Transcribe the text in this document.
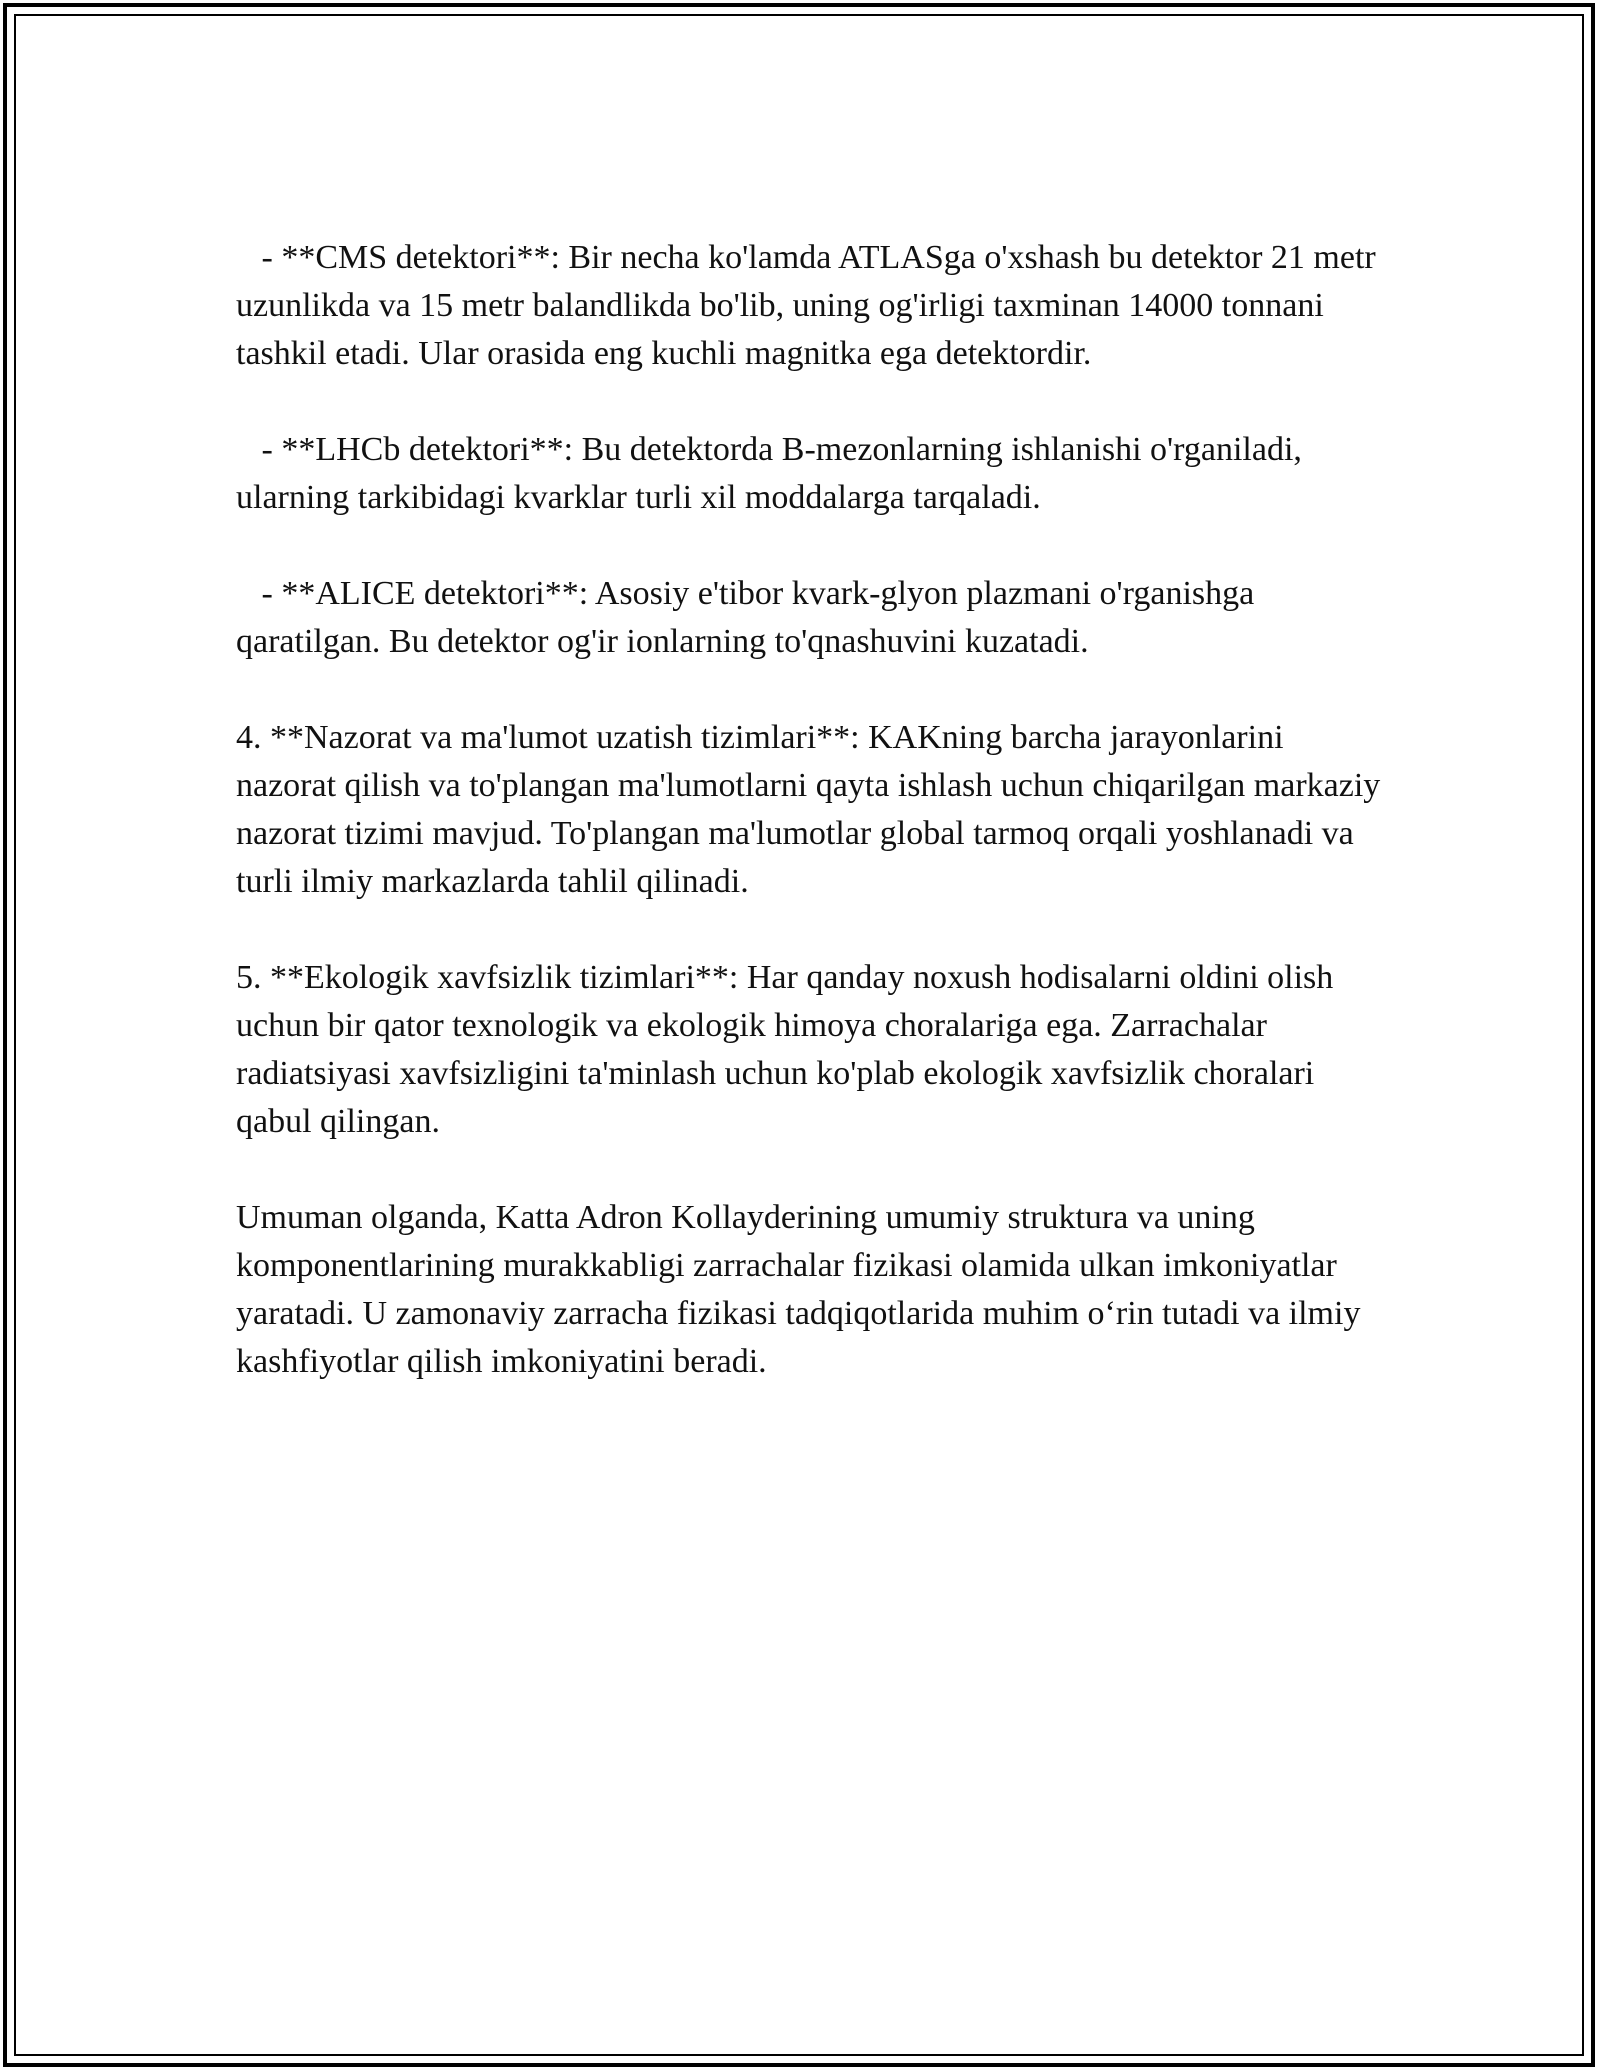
- **CMS detektori**: Bir necha ko'lamda ATLASga o'xshash bu detektor 21 metr uzunlikda va 15 metr balandlikda bo'lib, uning og'irligi taxminan 14000 tonnani tashkil etadi. Ular orasida eng kuchli magnitka ega detektordir.

- **LHCb detektori**: Bu detektorda B-mezonlarning ishlanishi o'rganiladi, ularning tarkibidagi kvarklar turli xil moddalarga tarqaladi.

- **ALICE detektori**: Asosiy e'tibor kvark-glyon plazmani o'rganishga qaratilgan. Bu detektor og'ir ionlarning to'qnashuvini kuzatadi.

4. **Nazorat va ma'lumot uzatish tizimlari**: KAKning barcha jarayonlarini nazorat qilish va to'plangan ma'lumotlarni qayta ishlash uchun chiqarilgan markaziy nazorat tizimi mavjud. To'plangan ma'lumotlar global tarmoq orqali yoshlanadi va turli ilmiy markazlarda tahlil qilinadi.

5. **Ekologik xavfsizlik tizimlari**: Har qanday noxush hodisalarni oldini olish uchun bir qator texnologik va ekologik himoya choralariga ega. Zarrachalar radiatsiyasi xavfsizligini ta'minlash uchun ko'plab ekologik xavfsizlik choralari qabul qilingan.

Umuman olganda, Katta Adron Kollayderining umumiy struktura va uning komponentlarining murakkabligi zarrachalar fizikasi olamida ulkan imkoniyatlar yaratadi. U zamonaviy zarracha fizikasi tadqiqotlarida muhim o‘rin tutadi va ilmiy kashfiyotlar qilish imkoniyatini beradi.
